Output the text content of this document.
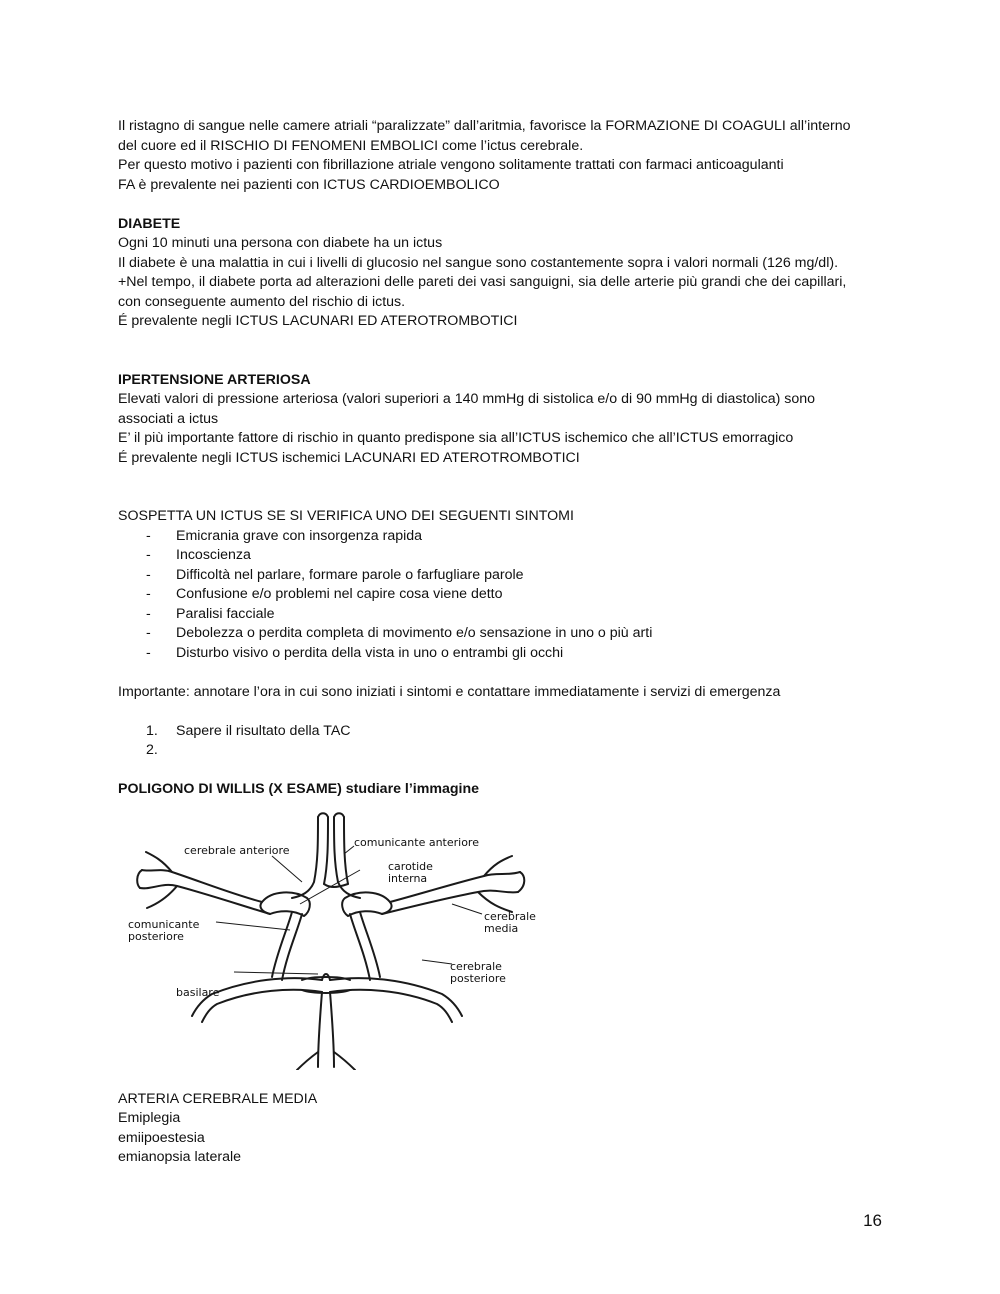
Il ristagno di sangue nelle camere atriali “paralizzate” dall’aritmia, favorisce la FORMAZIONE DI COAGULI all’interno

del cuore ed il RISCHIO DI FENOMENI EMBOLICI come l’ictus cerebrale.

Per questo motivo i pazienti con fibrillazione atriale vengono solitamente trattati con farmaci anticoagulanti

FA è prevalente nei pazienti con ICTUS CARDIOEMBOLICO

DIABETE

Ogni 10 minuti una persona con diabete ha un ictus

Il diabete è una malattia in cui i livelli di glucosio nel sangue sono costantemente sopra i valori normali (126 mg/dl).

+Nel tempo, il diabete porta ad alterazioni delle pareti dei vasi sanguigni, sia delle arterie più grandi che dei capillari,

con conseguente aumento del rischio di ictus.

É prevalente negli ICTUS LACUNARI ED ATEROTROMBOTICI

IPERTENSIONE ARTERIOSA

Elevati valori di pressione arteriosa (valori superiori a 140 mmHg di sistolica e/o di 90 mmHg di diastolica) sono

associati a ictus

E’ il più importante fattore di rischio in quanto predispone sia all’ICTUS ischemico che all’ICTUS emorragico

É prevalente negli ICTUS ischemici LACUNARI ED ATEROTROMBOTICI

SOSPETTA UN ICTUS SE SI VERIFICA UNO DEI SEGUENTI SINTOMI

- Emicrania grave con insorgenza rapida
- Incoscienza
- Difficoltà nel parlare, formare parole o farfugliare parole
- Confusione e/o problemi nel capire cosa viene detto
- Paralisi facciale
- Debolezza o perdita completa di movimento e/o sensazione in uno o più arti
- Disturbo visivo o perdita della vista in uno o entrambi gli occhi

Importante: annotare l’ora in cui sono iniziati i sintomi e contattare immediatamente i servizi di emergenza

1. Sapere il risultato della TAC
2.

POLIGONO DI WILLIS (X ESAME) studiare l’immagine

cerebrale anteriore
comunicante anteriore
carotide
interna
comunicante
posteriore
cerebrale
media
cerebrale
posteriore
basilare

ARTERIA CEREBRALE MEDIA

Emiplegia

emiipoestesia

emianopsia laterale

16
